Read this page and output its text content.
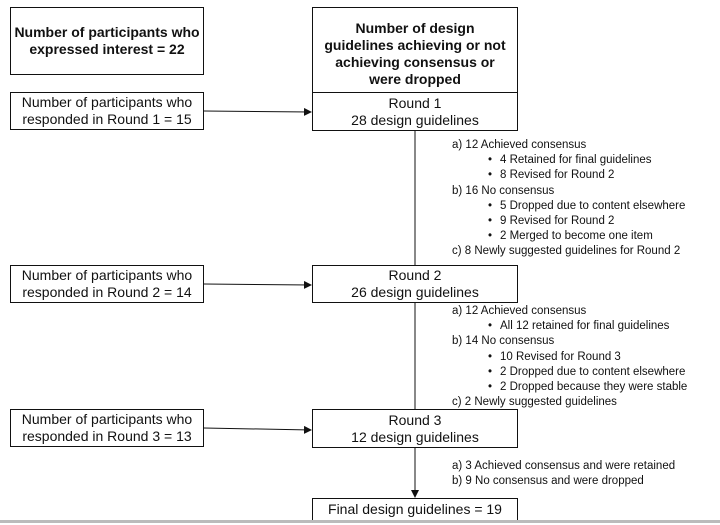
Number of participants who expressed interest = 22
Number of design guidelines achieving or not achieving consensus or were dropped
Number of participants who responded in Round 1 = 15
Number of participants who responded in Round 2 = 14
Number of participants who responded in Round 3 = 13
Round 1
28 design guidelines
Round 2
26 design guidelines
Round 3
12 design guidelines
Final design guidelines = 19
a) 12 Achieved consensus
• 4 Retained for final guidelines
• 8 Revised for Round 2
b) 16 No consensus
• 5 Dropped due to content elsewhere
• 9 Revised for Round 2
• 2 Merged to become one item
c) 8 Newly suggested guidelines for Round 2
a) 12 Achieved consensus
• All 12 retained for final guidelines
b) 14 No consensus
• 10 Revised for Round 3
• 2 Dropped due to content elsewhere
• 2 Dropped because they were stable
c) 2 Newly suggested guidelines
a) 3 Achieved consensus and were retained
b) 9 No consensus and were dropped
